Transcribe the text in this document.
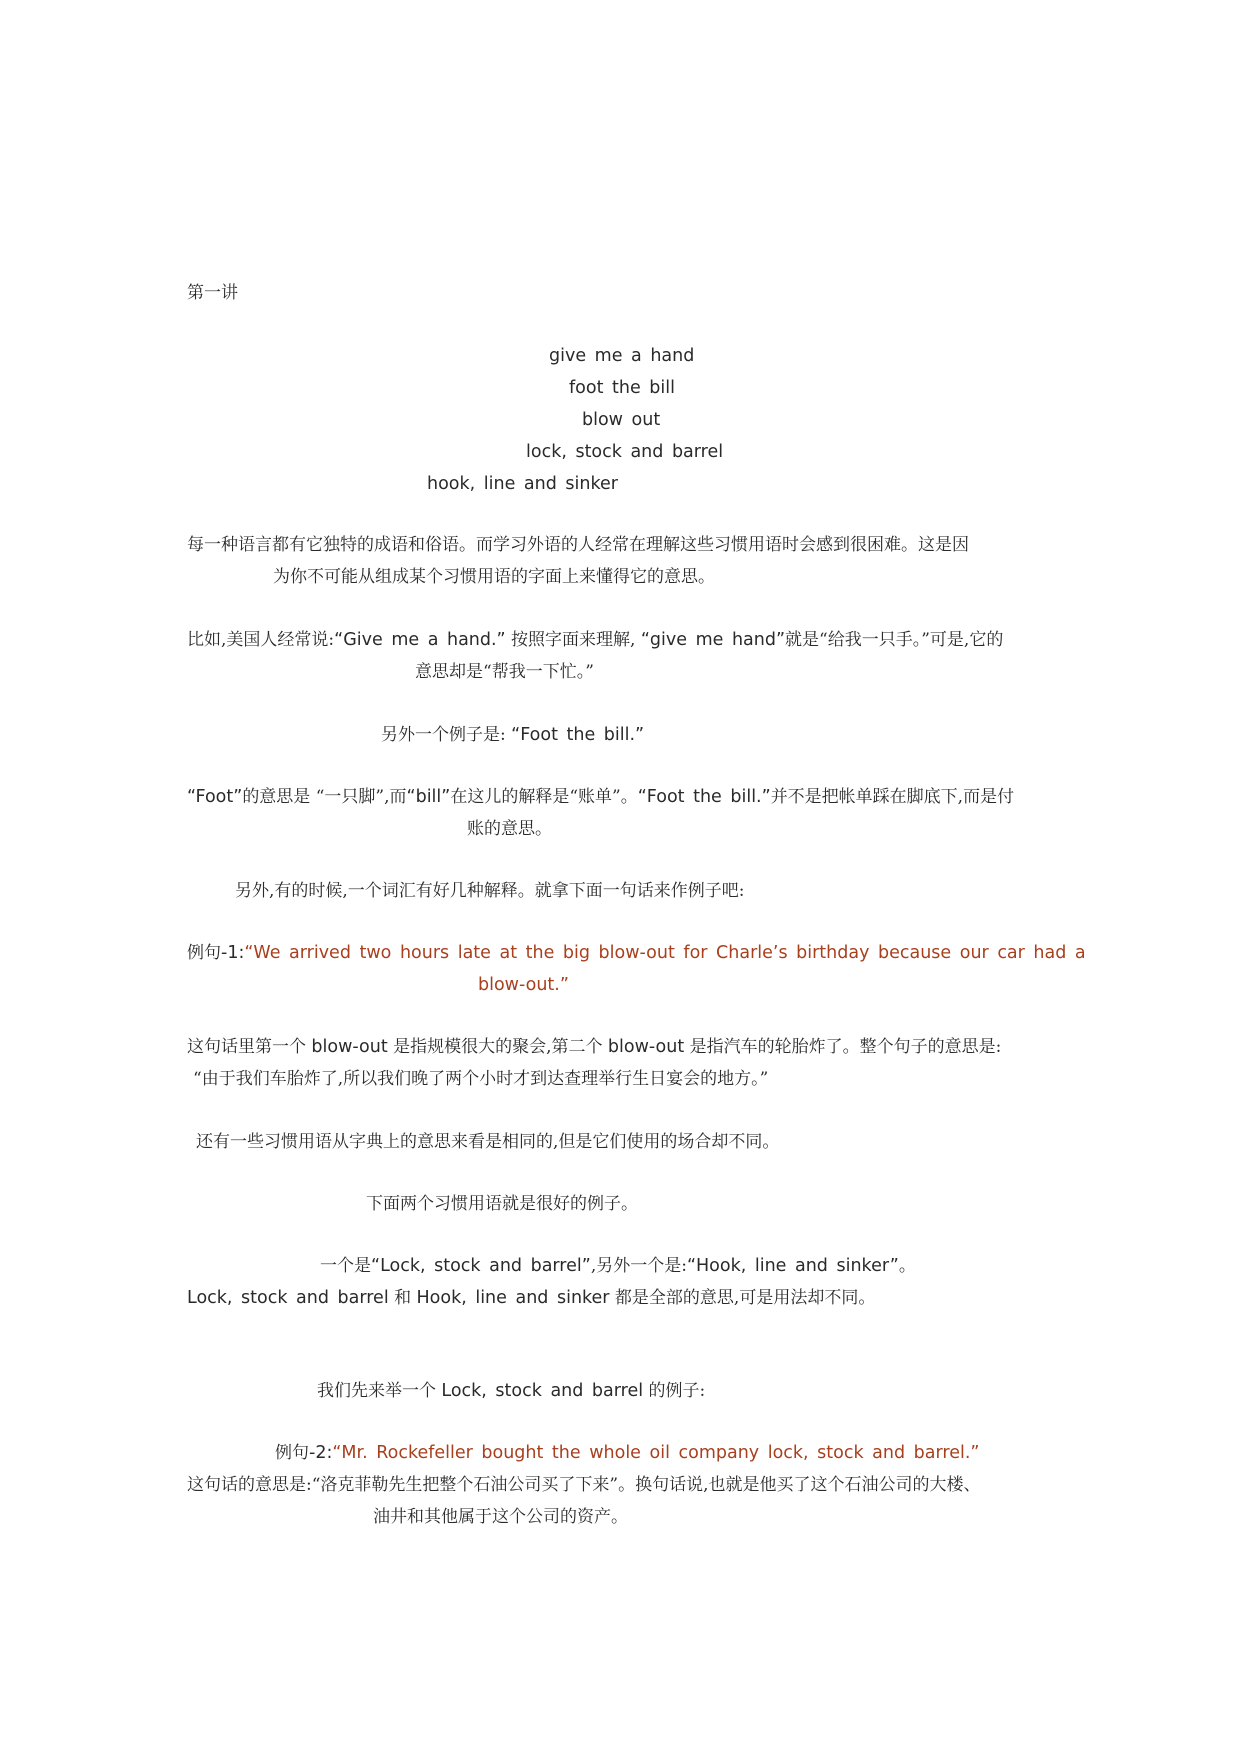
第一讲
give me a hand
foot the bill
blow out
lock, stock and barrel
hook, line and sinker
每一种语言都有它独特的成语和俗语。而学习外语的人经常在理解这些习惯用语时会感到很困难。这是因
为你不可能从组成某个习惯用语的字面上来懂得它的意思。
比如,美国人经常说:“Give me a hand.” 按照字面来理解, “give me hand”就是“给我一只手。”可是,它的
意思却是“帮我一下忙。”
另外一个例子是: “Foot the bill.”
“Foot”的意思是 “一只脚”,而“bill”在这儿的解释是“账单”。“Foot the bill.”并不是把帐单踩在脚底下,而是付
账的意思。
另外,有的时候,一个词汇有好几种解释。就拿下面一句话来作例子吧:
例句-1:“We arrived two hours late at the big blow-out for Charle’s birthday because our car had a
blow-out.”
这句话里第一个 blow-out 是指规模很大的聚会,第二个 blow-out 是指汽车的轮胎炸了。整个句子的意思是:
“由于我们车胎炸了,所以我们晚了两个小时才到达查理举行生日宴会的地方。”
还有一些习惯用语从字典上的意思来看是相同的,但是它们使用的场合却不同。
下面两个习惯用语就是很好的例子。
一个是“Lock, stock and barrel”,另外一个是:“Hook, line and sinker”。
Lock, stock and barrel 和 Hook, line and sinker 都是全部的意思,可是用法却不同。
我们先来举一个 Lock, stock and barrel 的例子:
例句-2:“Mr. Rockefeller bought the whole oil company lock, stock and barrel.”
这句话的意思是:“洛克菲勒先生把整个石油公司买了下来”。换句话说,也就是他买了这个石油公司的大楼、
油井和其他属于这个公司的资产。
